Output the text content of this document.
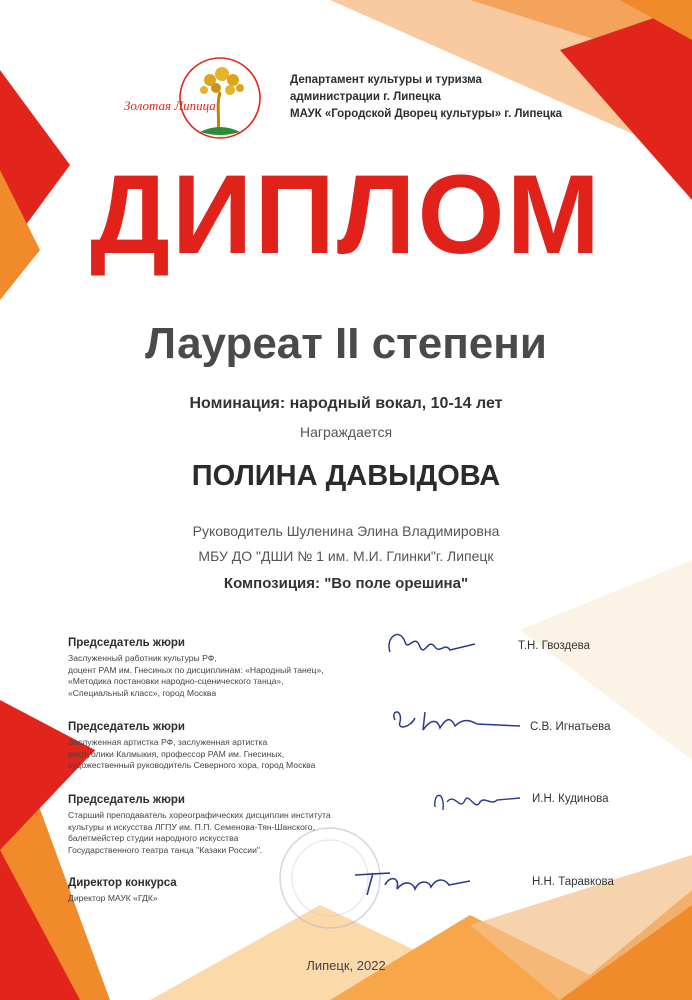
Золотая Липица
Департамент культуры и туризма
администрации г. Липецка
МАУК «Городской Дворец культуры» г. Липецка
ДИПЛОМ
Лауреат II степени
Номинация: народный вокал, 10-14 лет
Награждается
ПОЛИНА ДАВЫДОВА
Руководитель Шуленина Элина Владимировна
МБУ ДО "ДШИ № 1 им. М.И. Глинки"г. Липецк
Композиция: "Во поле орешина"
Председатель жюри
Заслуженный работник культуры РФ,
доцент РАМ им. Гнесиных по дисциплинам: «Народный танец»,
«Методика постановки народно-сценического танца»,
«Специальный класс», город Москва
Т.Н. Гвоздева
Председатель жюри
Заслуженная артистка РФ, заслуженная артистка
республики Калмыкия, профессор РАМ им. Гнесиных,
художественный руководитель Северного хора, город Москва
С.В. Игнатьева
Председатель жюри
Старший преподаватель хореографических дисциплин института
культуры и искусства ЛГПУ им. П.П. Семенова-Тян-Шанского,
балетмейстер студии народного искусства
Государственного театра танца "Казаки России".
И.Н. Кудинова
Директор конкурса
Директор МАУК «ГДК»
Н.Н. Таравкова
Липецк, 2022
